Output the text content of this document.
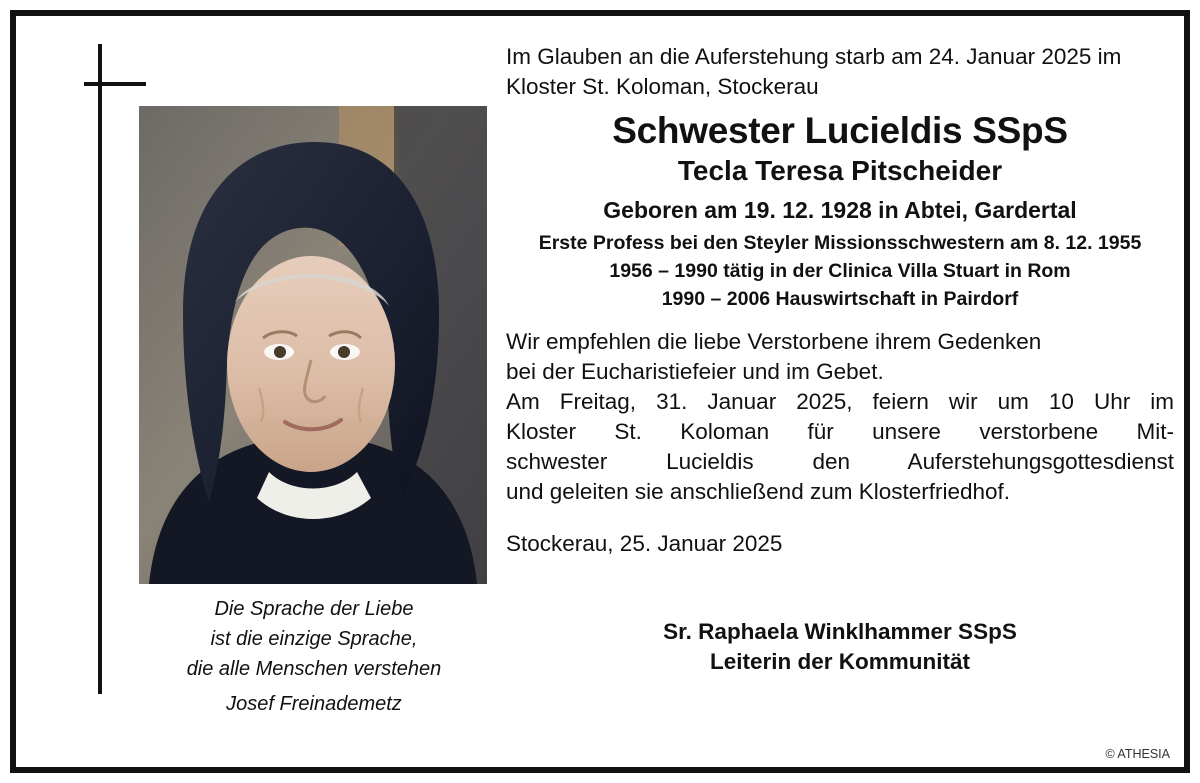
Die Sprache der Liebe
ist die einzige Sprache,
die alle Menschen verstehen
Josef Freinademetz

Im Glauben an die Auferstehung starb am 24. Januar 2025 im Kloster St. Koloman, Stockerau

Schwester Lucieldis SSpS
Tecla Teresa Pitscheider

Geboren am 19. 12. 1928 in Abtei, Gardertal

Erste Profess bei den Steyler Missionsschwestern am 8. 12. 1955

1956 – 1990 tätig in der Clinica Villa Stuart in Rom

1990 – 2006 Hauswirtschaft in Pairdorf

Wir empfehlen die liebe Verstorbene ihrem Gedenken

bei der Eucharistiefeier und im Gebet.

Am Freitag, 31. Januar 2025, feiern wir um 10 Uhr im

Kloster St. Koloman für unsere verstorbene Mit-

schwester Lucieldis den Auferstehungsgottesdienst

und geleiten sie anschließend zum Klosterfriedhof.

Stockerau, 25. Januar 2025

Sr. Raphaela Winklhammer SSpS

Leiterin der Kommunität

© ATHESIA
